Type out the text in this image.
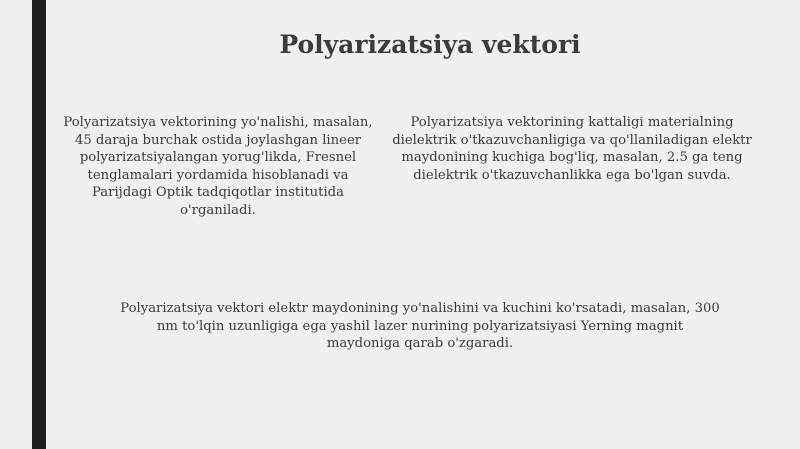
Polyarizatsiya vektori

Polyarizatsiya vektorining yo'nalishi, masalan, 45 daraja burchak ostida joylashgan lineer polyarizatsiyalangan yorug'likda, Fresnel tenglamalari yordamida hisoblanadi va Parijdagi Optik tadqiqotlar institutida o'rganiladi.

Polyarizatsiya vektorining kattaligi materialning dielektrik o'tkazuvchanligiga va qo'llaniladigan elektr maydonining kuchiga bog'liq, masalan, 2.5 ga teng dielektrik o'tkazuvchanlikka ega bo'lgan suvda.

Polyarizatsiya vektori elektr maydonining yo'nalishini va kuchini ko'rsatadi, masalan, 300 nm to'lqin uzunligiga ega yashil lazer nurining polyarizatsiyasi Yerning magnit maydoniga qarab o'zgaradi.
